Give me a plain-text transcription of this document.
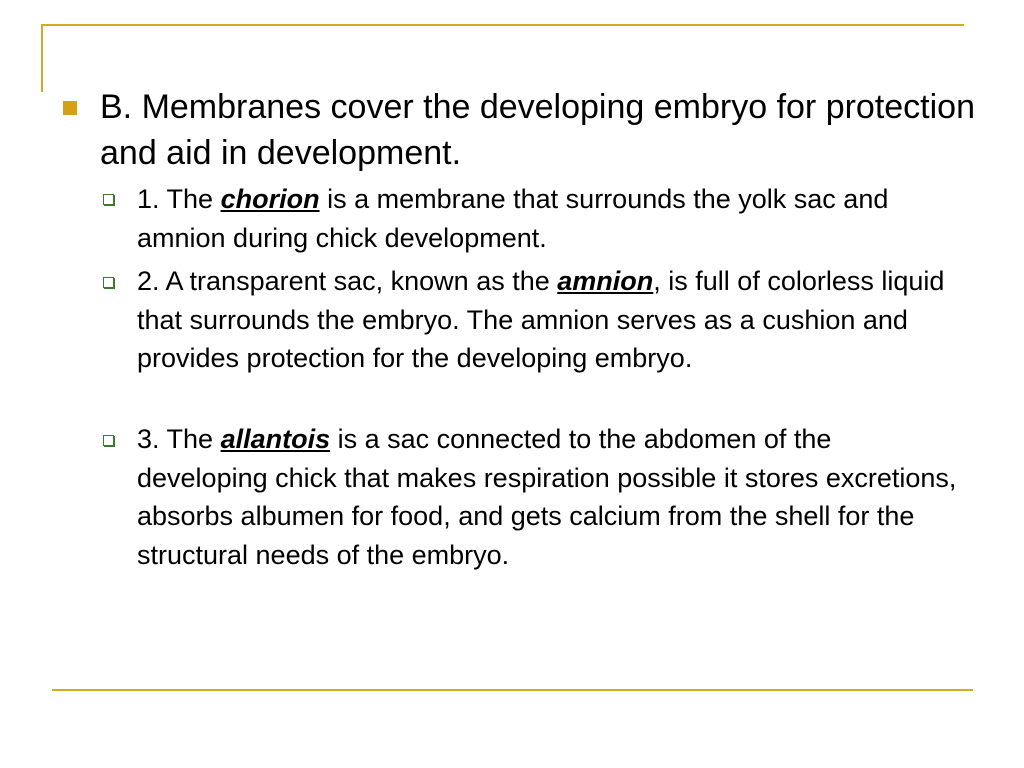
B. Membranes cover the developing embryo for protection and aid in development.
1. The chorion is a membrane that surrounds the yolk sac and amnion during chick development.
2. A transparent sac, known as the amnion, is full of colorless liquid that surrounds the embryo. The amnion serves as a cushion and provides protection for the developing embryo.
3. The allantois is a sac connected to the abdomen of the developing chick that makes respiration possible it stores excretions, absorbs albumen for food, and gets calcium from the shell for the structural needs of the embryo.
